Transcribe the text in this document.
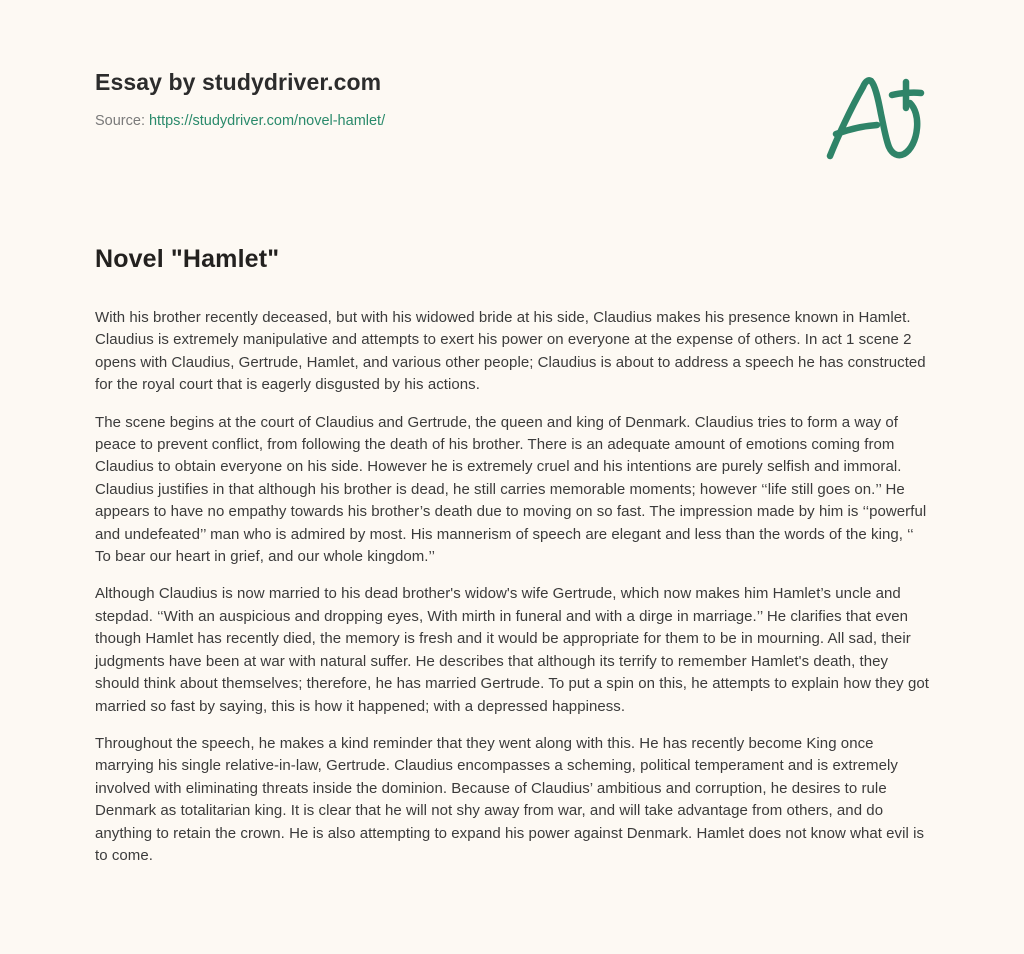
Essay by studydriver.com
Source: https://studydriver.com/novel-hamlet/
Novel "Hamlet"

With his brother recently deceased, but with his widowed bride at his side, Claudius makes his presence known in Hamlet. Claudius is extremely manipulative and attempts to exert his power on everyone at the expense of others. In act 1 scene 2 opens with Claudius, Gertrude, Hamlet, and various other people; Claudius is about to address a speech he has constructed for the royal court that is eagerly disgusted by his actions.

The scene begins at the court of Claudius and Gertrude, the queen and king of Denmark. Claudius tries to form a way of peace to prevent conflict, from following the death of his brother. There is an adequate amount of emotions coming from Claudius to obtain everyone on his side. However he is extremely cruel and his intentions are purely selfish and immoral. Claudius justifies in that although his brother is dead, he still carries memorable moments; however ‘‘life still goes on.’’ He appears to have no empathy towards his brother’s death due to moving on so fast. The impression made by him is ‘‘powerful and undefeated’’ man who is admired by most. His mannerism of speech are elegant and less than the words of the king, ‘‘ To bear our heart in grief, and our whole kingdom.’’

Although Claudius is now married to his dead brother's widow's wife Gertrude, which now makes him Hamlet’s uncle and stepdad. ‘‘With an auspicious and dropping eyes, With mirth in funeral and with a dirge in marriage.’’ He clarifies that even though Hamlet has recently died, the memory is fresh and it would be appropriate for them to be in mourning. All sad, their judgments have been at war with natural suffer. He describes that although its terrify to remember Hamlet's death, they should think about themselves; therefore, he has married Gertrude. To put a spin on this, he attempts to explain how they got married so fast by saying, this is how it happened; with a depressed happiness.

Throughout the speech, he makes a kind reminder that they went along with this. He has recently become King once marrying his single relative-in-law, Gertrude. Claudius encompasses a scheming, political temperament and is extremely involved with eliminating threats inside the dominion. Because of Claudius’ ambitious and corruption, he desires to rule Denmark as totalitarian king. It is clear that he will not shy away from war, and will take advantage from others, and do anything to retain the crown. He is also attempting to expand his power against Denmark. Hamlet does not know what evil is to come.
